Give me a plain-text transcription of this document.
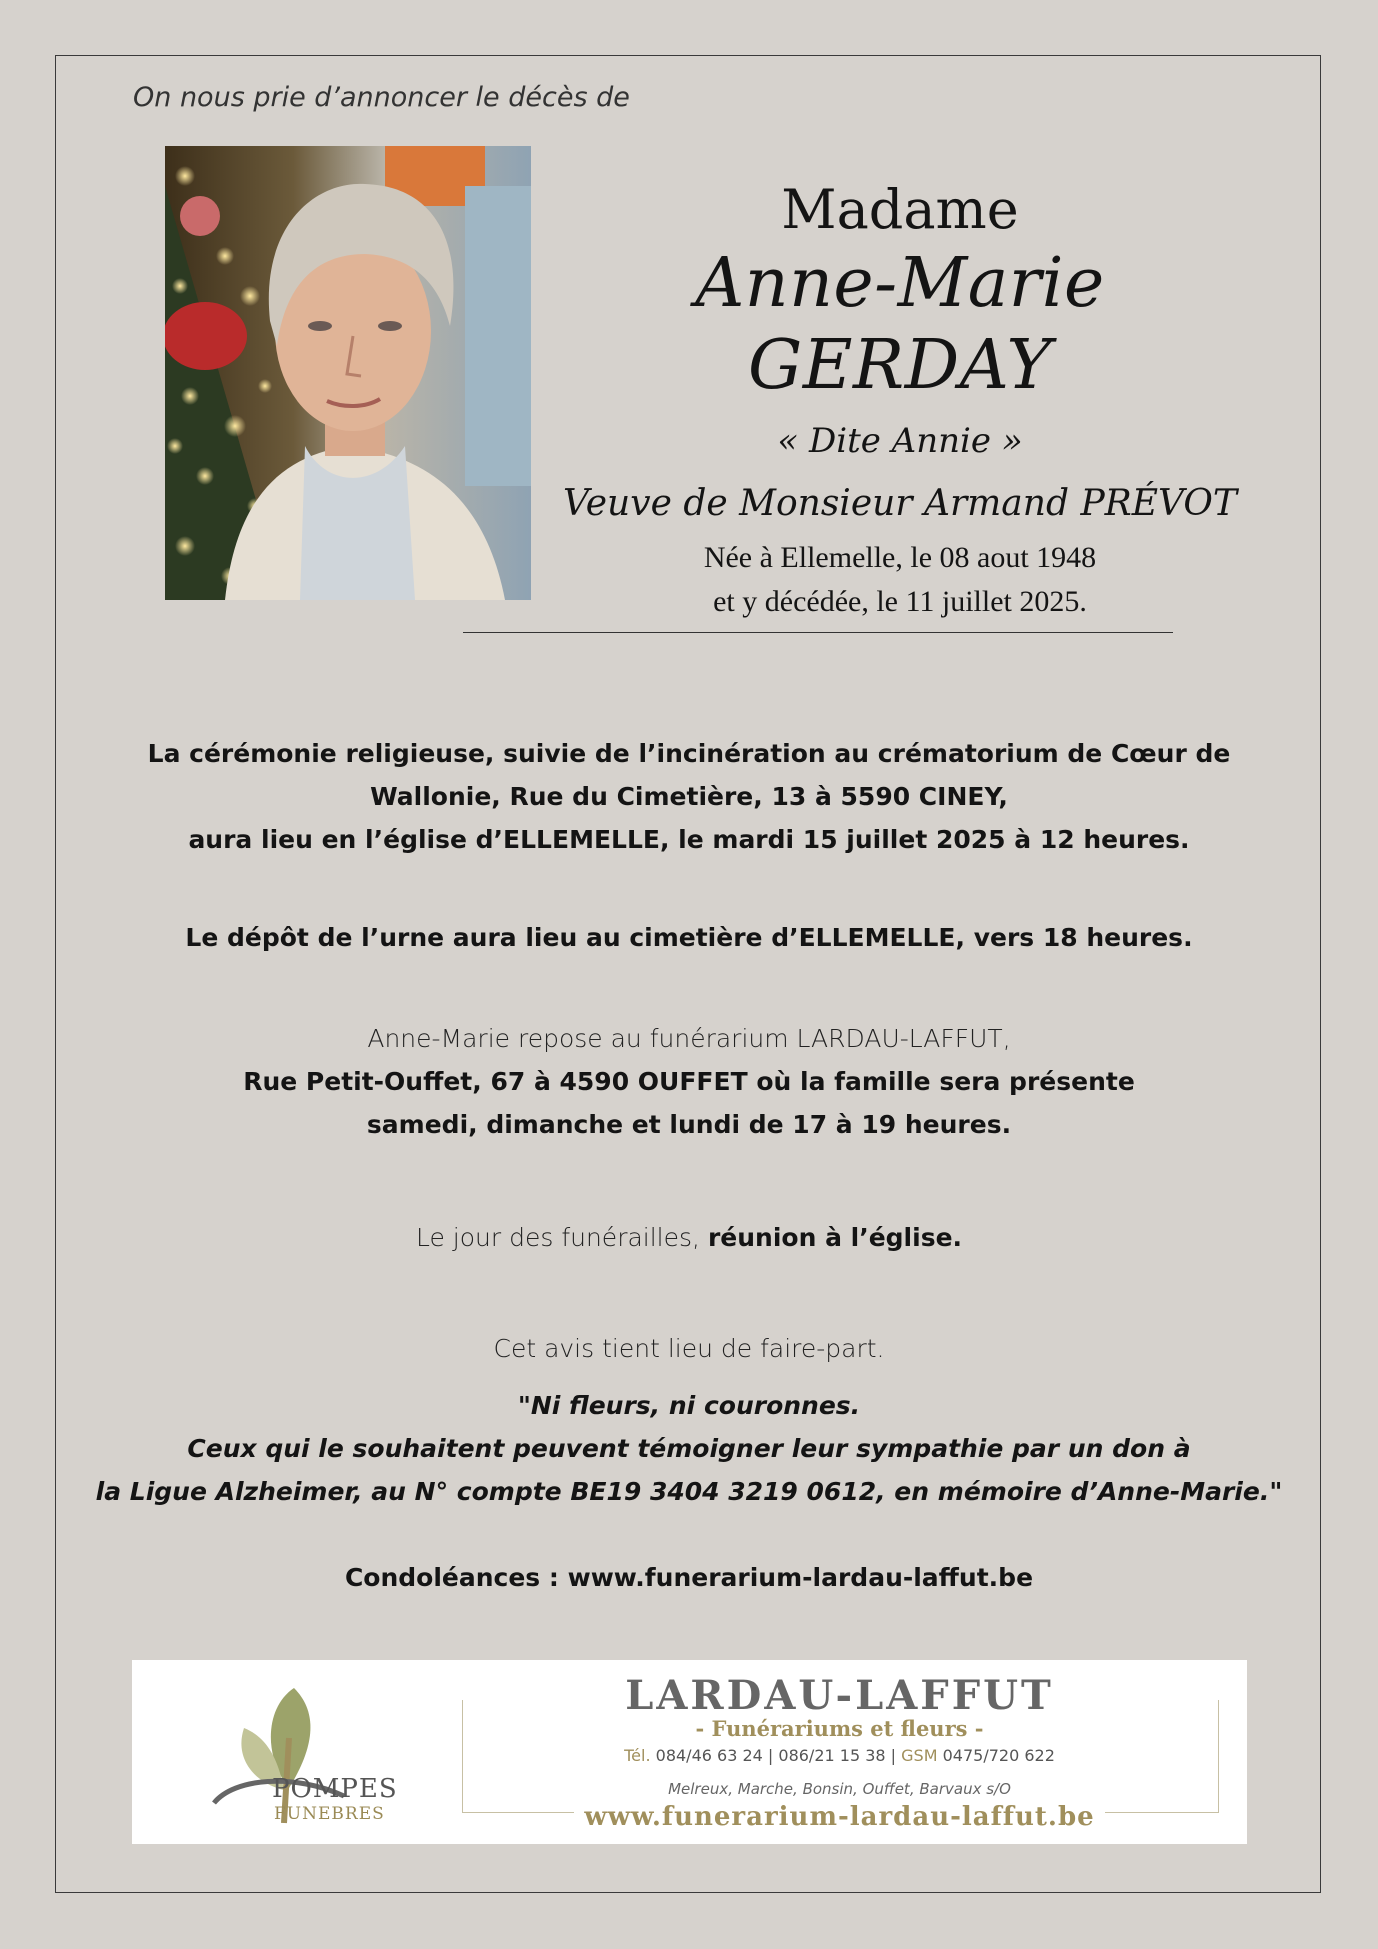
On nous prie d’annoncer le décès de
Madame
Anne-Marie GERDAY
« Dite Annie »
Veuve de Monsieur Armand PRÉVOT
Née à Ellemelle, le 08 aout 1948
et y décédée, le 11 juillet 2025.
La cérémonie religieuse, suivie de l’incinération au crématorium de Cœur de
Wallonie, Rue du Cimetière, 13 à 5590 CINEY,
aura lieu en l’église d’ELLEMELLE, le mardi 15 juillet 2025 à 12 heures.
Le dépôt de l’urne aura lieu au cimetière d’ELLEMELLE, vers 18 heures.
Anne-Marie repose au funérarium LARDAU-LAFFUT,
Rue Petit-Ouffet, 67 à 4590 OUFFET où la famille sera présente
samedi, dimanche et lundi de 17 à 19 heures.
Le jour des funérailles, réunion à l’église.
Cet avis tient lieu de faire-part.
"Ni fleurs, ni couronnes.
Ceux qui le souhaitent peuvent témoigner leur sympathie par un don à
la Ligue Alzheimer, au N° compte BE19 3404 3219 0612, en mémoire d’Anne-Marie."
Condoléances : www.funerarium-lardau-laffut.be
POMPES
FUNEBRES
LARDAU-LAFFUT
- Funérariums et fleurs -
Tél. 084/46 63 24 | 086/21 15 38 | GSM 0475/720 622
Melreux, Marche, Bonsin, Ouffet, Barvaux s/O
www.funerarium-lardau-laffut.be
